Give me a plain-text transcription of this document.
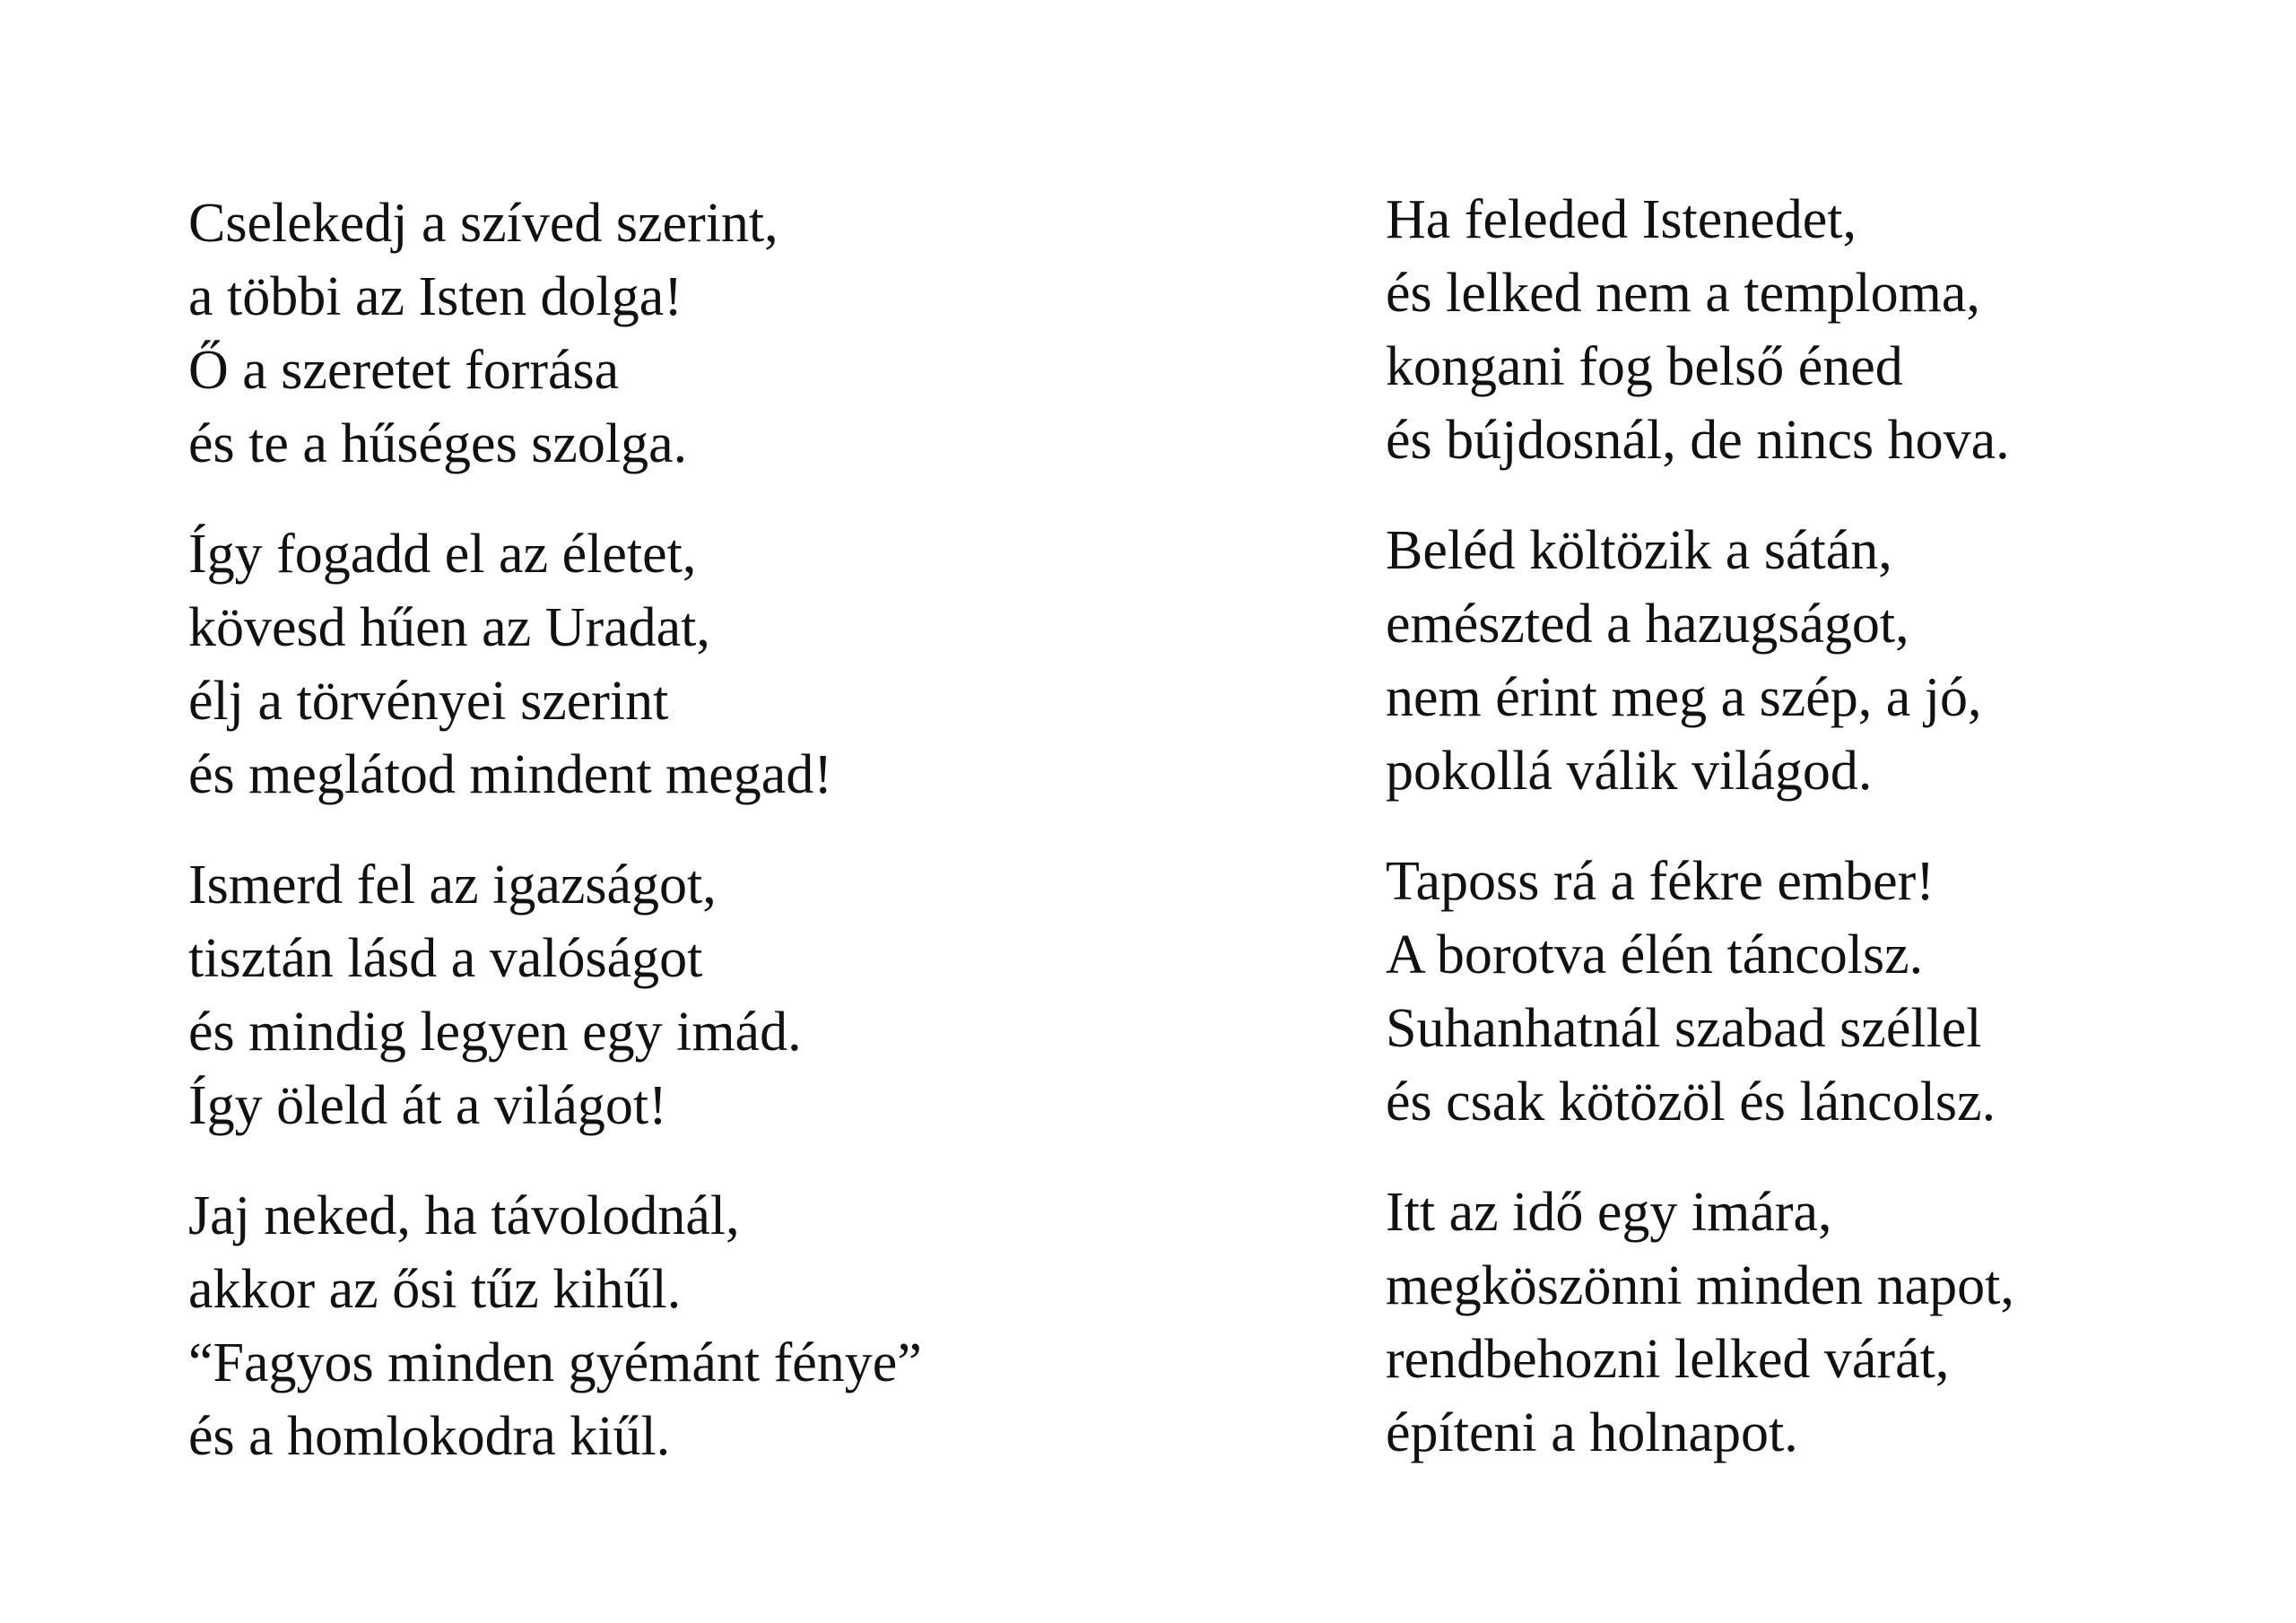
Cselekedj a szíved szerint,
a többi az Isten dolga!
Ő a szeretet forrása
és te a hűséges szolga.
Így fogadd el az életet,
kövesd hűen az Uradat,
élj a törvényei szerint
és meglátod mindent megad!
Ismerd fel az igazságot,
tisztán lásd a valóságot
és mindig legyen egy imád.
Így öleld át a világot!
Jaj neked, ha távolodnál,
akkor az ősi tűz kihűl.
“Fagyos minden gyémánt fénye”
és a homlokodra kiűl.
Ha feleded Istenedet,
és lelked nem a temploma,
kongani fog belső éned
és bújdosnál, de nincs hova.
Beléd költözik a sátán,
emészted a hazugságot,
nem érint meg a szép, a jó,
pokollá válik világod.
Taposs rá a fékre ember!
A borotva élén táncolsz.
Suhanhatnál szabad széllel
és csak kötözöl és láncolsz.
Itt az idő egy imára,
megköszönni minden napot,
rendbehozni lelked várát,
építeni a holnapot.
